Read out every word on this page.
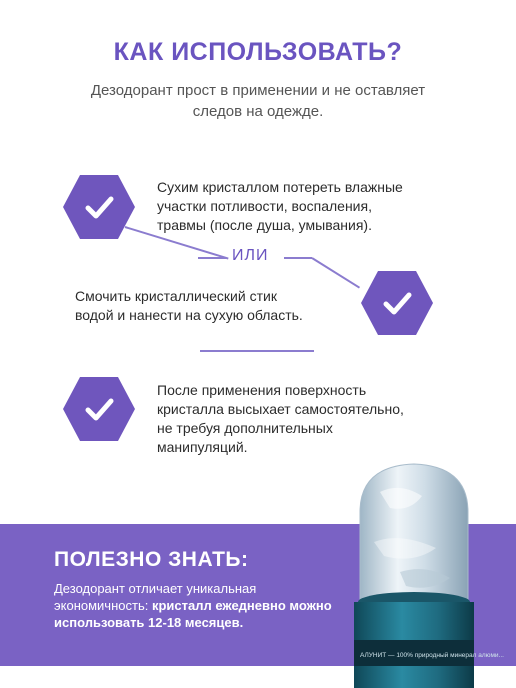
КАК ИСПОЛЬЗОВАТЬ?
Дезодорант прост в применении и не оставляет
следов на одежде.
Сухим кристаллом потереть влажные
участки потливости, воспаления,
травмы (после душа, умывания).
ИЛИ
Смочить кристаллический стик
водой и нанести на сухую область.
После применения поверхность
кристалла высыхает самостоятельно,
не требуя дополнительных
манипуляций.
ПОЛЕЗНО ЗНАТЬ:
Дезодорант отличает уникальная экономичность: кристалл ежедневно можно использовать 12-18 месяцев.
АЛУНИТ — 100% природный минерал алюми...
